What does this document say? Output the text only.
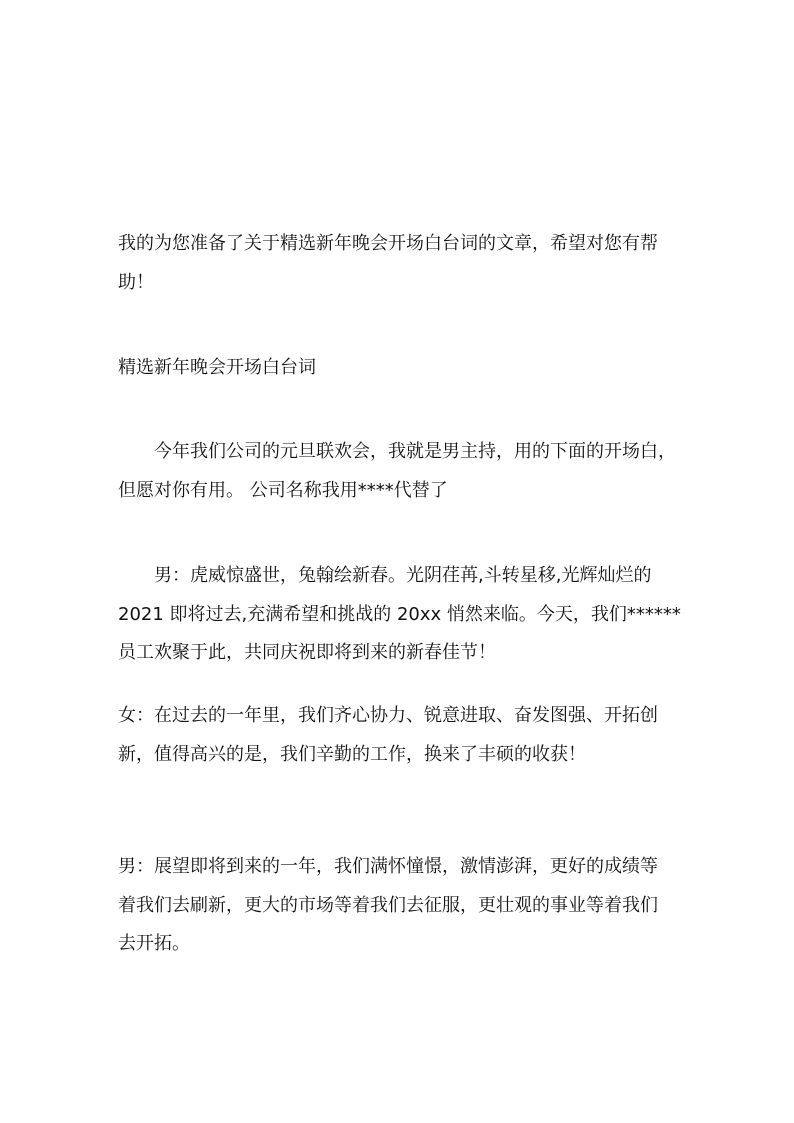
我的为您准备了关于精选新年晚会开场白台词的文章，希望对您有帮
助！
精选新年晚会开场白台词
今年我们公司的元旦联欢会，我就是男主持，用的下面的开场白，
但愿对你有用。 公司名称我用****代替了
男：虎威惊盛世，兔翰绘新春。光阴荏苒,斗转星移,光辉灿烂的
2021 即将过去,充满希望和挑战的 20xx 悄然来临。今天，我们******
员工欢聚于此，共同庆祝即将到来的新春佳节！
女：在过去的一年里，我们齐心协力、锐意进取、奋发图强、开拓创
新，值得高兴的是，我们辛勤的工作，换来了丰硕的收获！
男：展望即将到来的一年，我们满怀憧憬，激情澎湃，更好的成绩等
着我们去刷新，更大的市场等着我们去征服，更壮观的事业等着我们
去开拓。
